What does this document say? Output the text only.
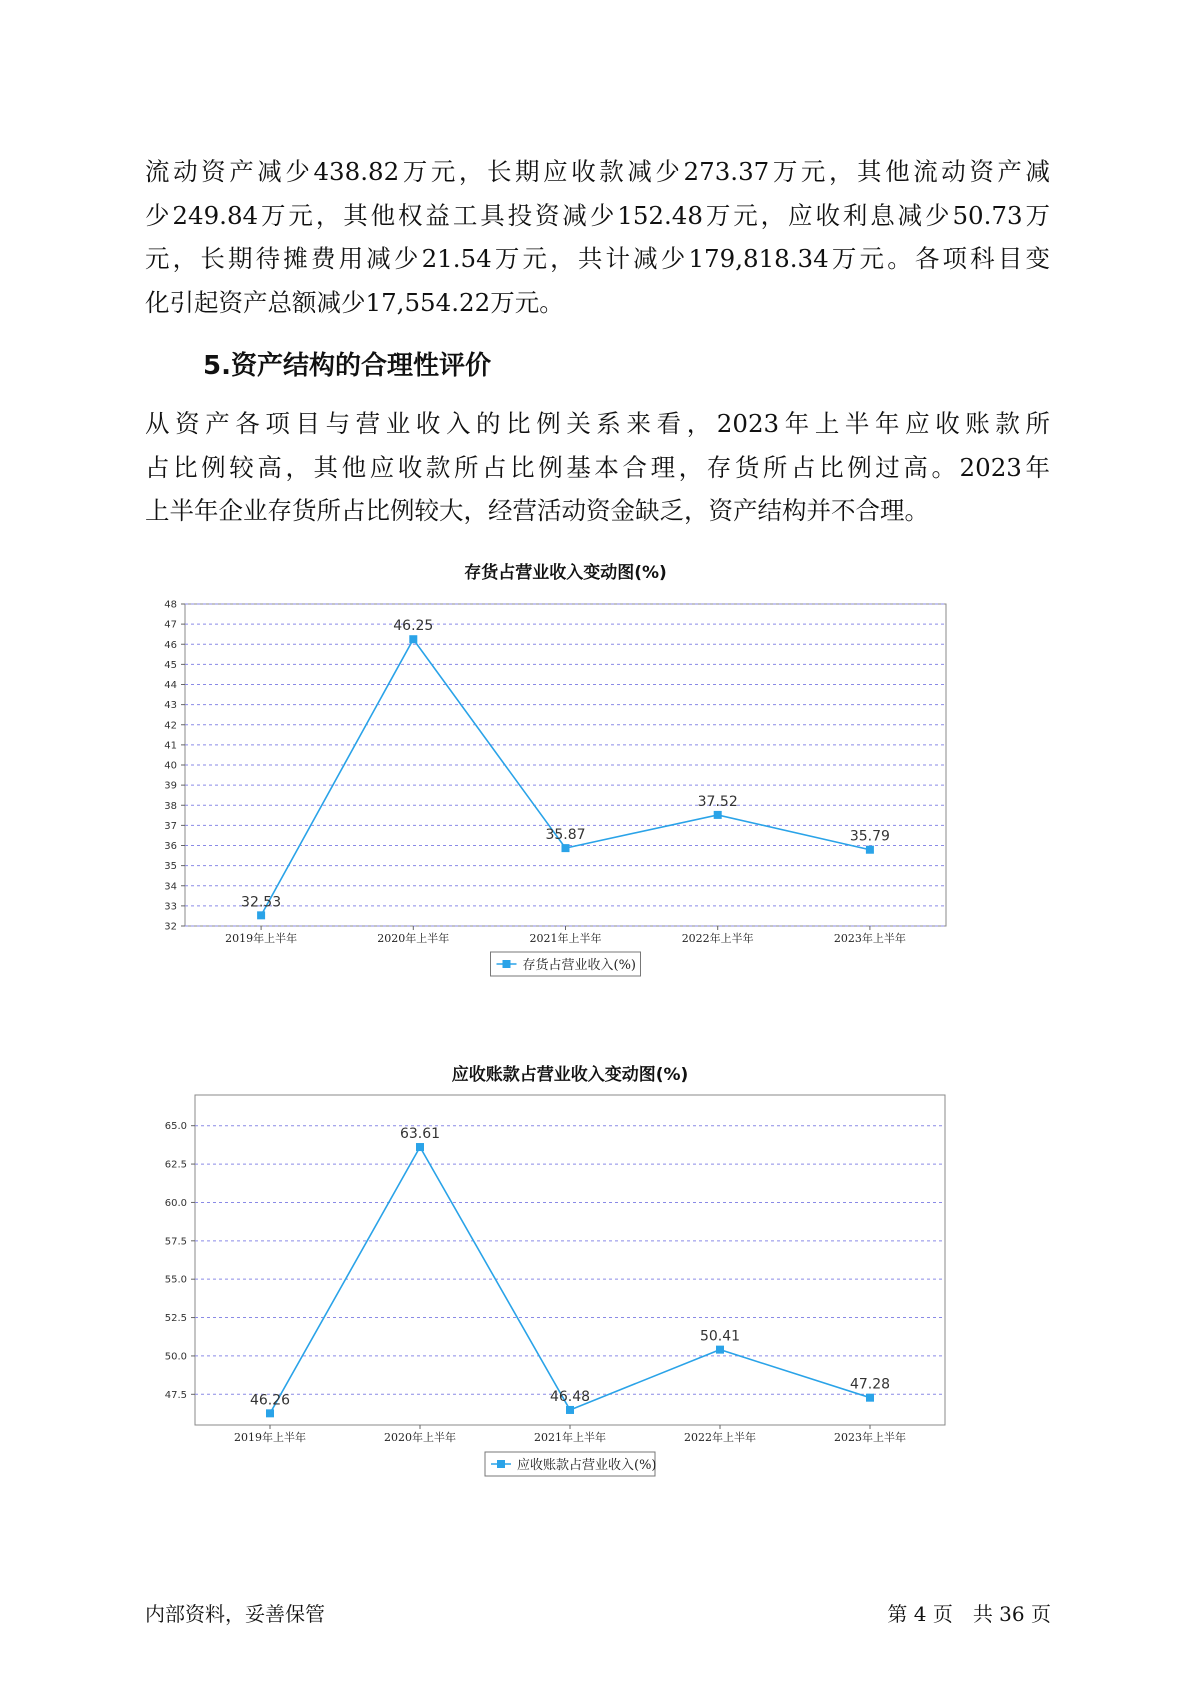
流动资产减少438.82万元，长期应收款减少273.37万元，其他流动资产减
少249.84万元，其他权益工具投资减少152.48万元，应收利息减少50.73万
元，长期待摊费用减少21.54万元，共计减少179,818.34万元。各项科目变
化引起资产总额减少17,554.22万元。

5.资产结构的合理性评价

从资产各项目与营业收入的比例关系来看，2023年上半年应收账款所
占比例较高，其他应收款所占比例基本合理，存货所占比例过高。2023年
上半年企业存货所占比例较大，经营活动资金缺乏，资产结构并不合理。

存货占营业收入变动图(%)
32
33
34
35
36
37
38
39
40
41
42
43
44
45
46
47
48
2019年上半年	2020年上半年	2021年上半年	2022年上半年	2023年上半年
32.53
46.25
35.87
37.52
35.79
存货占营业收入(%)
应收账款占营业收入变动图(%)
47.5
50.0
52.5
55.0
57.5
60.0
62.5
65.0
2019年上半年	2020年上半年	2021年上半年	2022年上半年	2023年上半年
46.26
63.61
46.48
50.41
47.28
应收账款占营业收入(%)
内部资料，妥善保管	第 4 页　共 36 页
